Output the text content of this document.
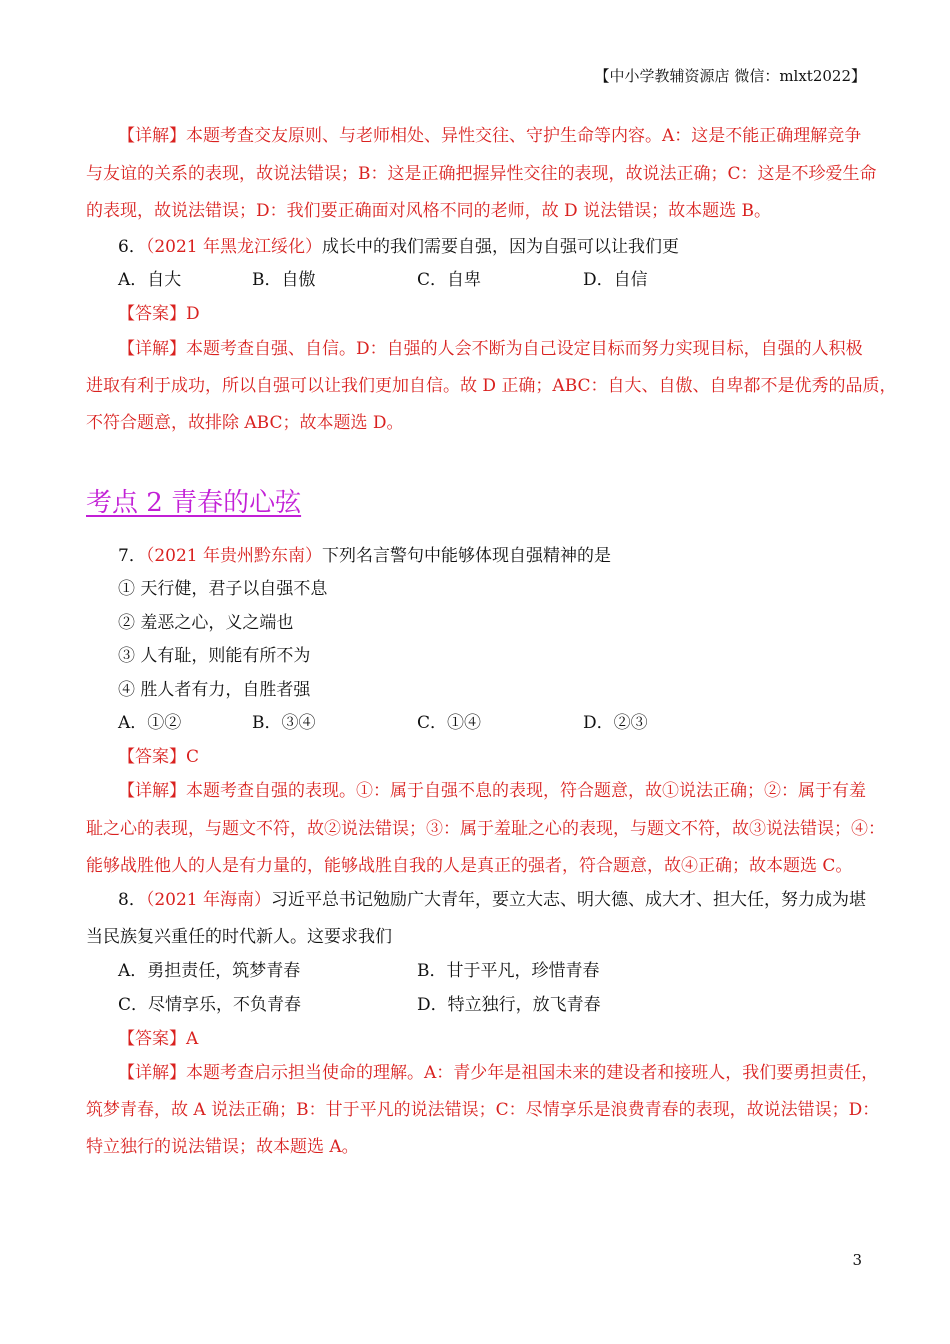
【中小学教辅资源店 微信：mlxt2022】
【详解】本题考查交友原则、与老师相处、异性交往、守护生命等内容。A：这是不能正确理解竞争
与友谊的关系的表现，故说法错误；B：这是正确把握异性交往的表现，故说法正确；C：这是不珍爱生命
的表现，故说法错误；D：我们要正确面对风格不同的老师，故 D 说法错误；故本题选 B。
6．（2021 年黑龙江绥化）成长中的我们需要自强，因为自强可以让我们更
A．自大	B．自傲	C．自卑	D．自信
【答案】D
【详解】本题考查自强、自信。D：自强的人会不断为自己设定目标而努力实现目标，自强的人积极
进取有利于成功，所以自强可以让我们更加自信。故 D 正确；ABC：自大、自傲、自卑都不是优秀的品质，
不符合题意，故排除 ABC；故本题选 D。
考点 2 青春的心弦
7．（2021 年贵州黔东南）下列名言警句中能够体现自强精神的是
① 天行健，君子以自强不息
② 羞恶之心，义之端也
③ 人有耻，则能有所不为
④ 胜人者有力，自胜者强
A．①②	B．③④	C．①④	D．②③
【答案】C
【详解】本题考查自强的表现。①：属于自强不息的表现，符合题意，故①说法正确；②：属于有羞
耻之心的表现，与题文不符，故②说法错误；③：属于羞耻之心的表现，与题文不符，故③说法错误；④：
能够战胜他人的人是有力量的，能够战胜自我的人是真正的强者，符合题意，故④正确；故本题选 C。
8．（2021 年海南）习近平总书记勉励广大青年，要立大志、明大德、成大才、担大任，努力成为堪
当民族复兴重任的时代新人。这要求我们
A．勇担责任，筑梦青春	B．甘于平凡，珍惜青春
C．尽情享乐，不负青春	D．特立独行，放飞青春
【答案】A
【详解】本题考查启示担当使命的理解。A：青少年是祖国未来的建设者和接班人，我们要勇担责任，
筑梦青春，故 A 说法正确；B：甘于平凡的说法错误；C：尽情享乐是浪费青春的表现，故说法错误；D：
特立独行的说法错误；故本题选 A。
3
